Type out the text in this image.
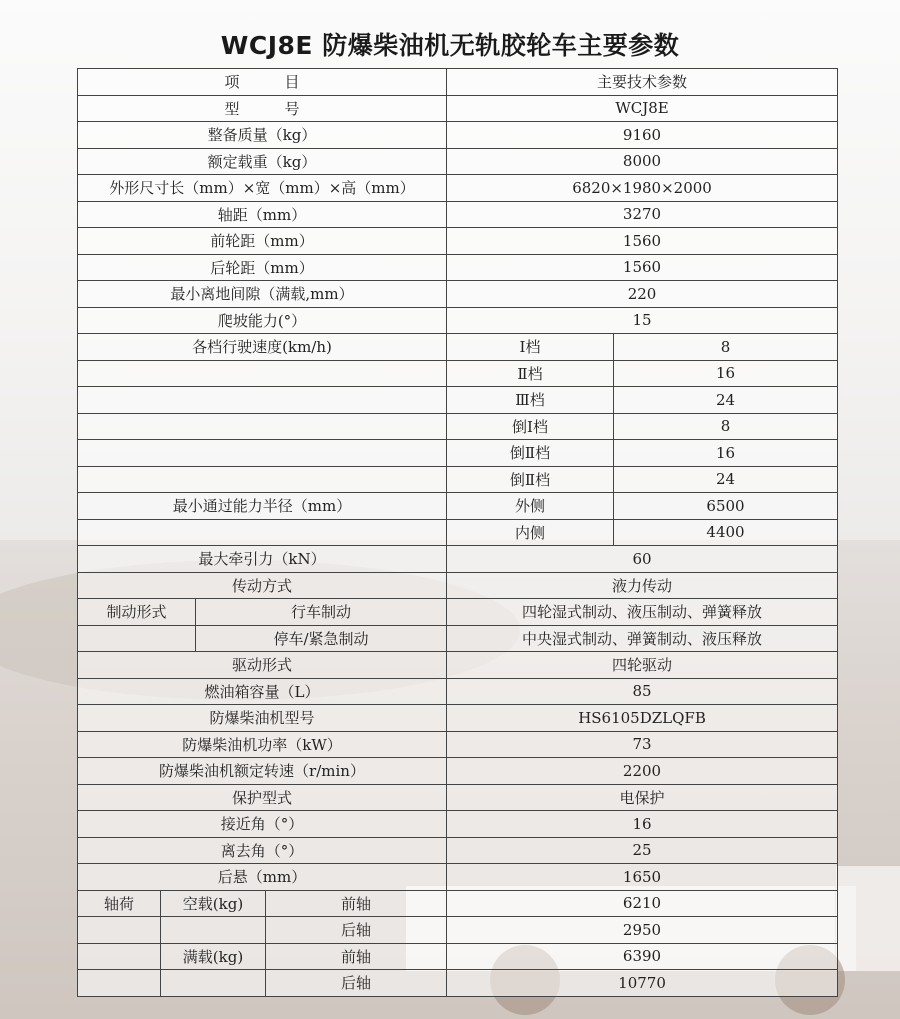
WCJ8E 防爆柴油机无轨胶轮车主要参数
项　　　目				主要技术参数	
型　　　号				WCJ8E	
整备质量（kg）				9160	
额定载重（kg）				8000	
外形尺寸长（mm）×宽（mm）×高（mm）				6820×1980×2000	
轴距（mm）				3270	
前轮距（mm）				1560	
后轮距（mm）				1560	
最小离地间隙（满载,mm）				220	
爬坡能力(°）				15	
各档行驶速度(km/h)				Ⅰ档	8
				Ⅱ档	16
				Ⅲ档	24
				倒Ⅰ档	8
				倒Ⅱ档	16
				倒Ⅱ档	24
最小通过能力半径（mm）				外侧	6500
				内侧	4400
最大牵引力（kN）				60	
传动方式				液力传动	
制动形式		行车制动		四轮湿式制动、液压制动、弹簧释放	
		停车/紧急制动		中央湿式制动、弹簧制动、液压释放	
驱动形式				四轮驱动	
燃油箱容量（L）				85	
防爆柴油机型号				HS6105DZLQFB	
防爆柴油机功率（kW）				73	
防爆柴油机额定转速（r/min）				2200	
保护型式				电保护	
接近角（°）				16	
离去角（°）				25	
后悬（mm）				1650	
轴荷	空载(kg)		前轴	6210	
			后轴	2950	
	满载(kg)		前轴	6390	
			后轴	10770	
